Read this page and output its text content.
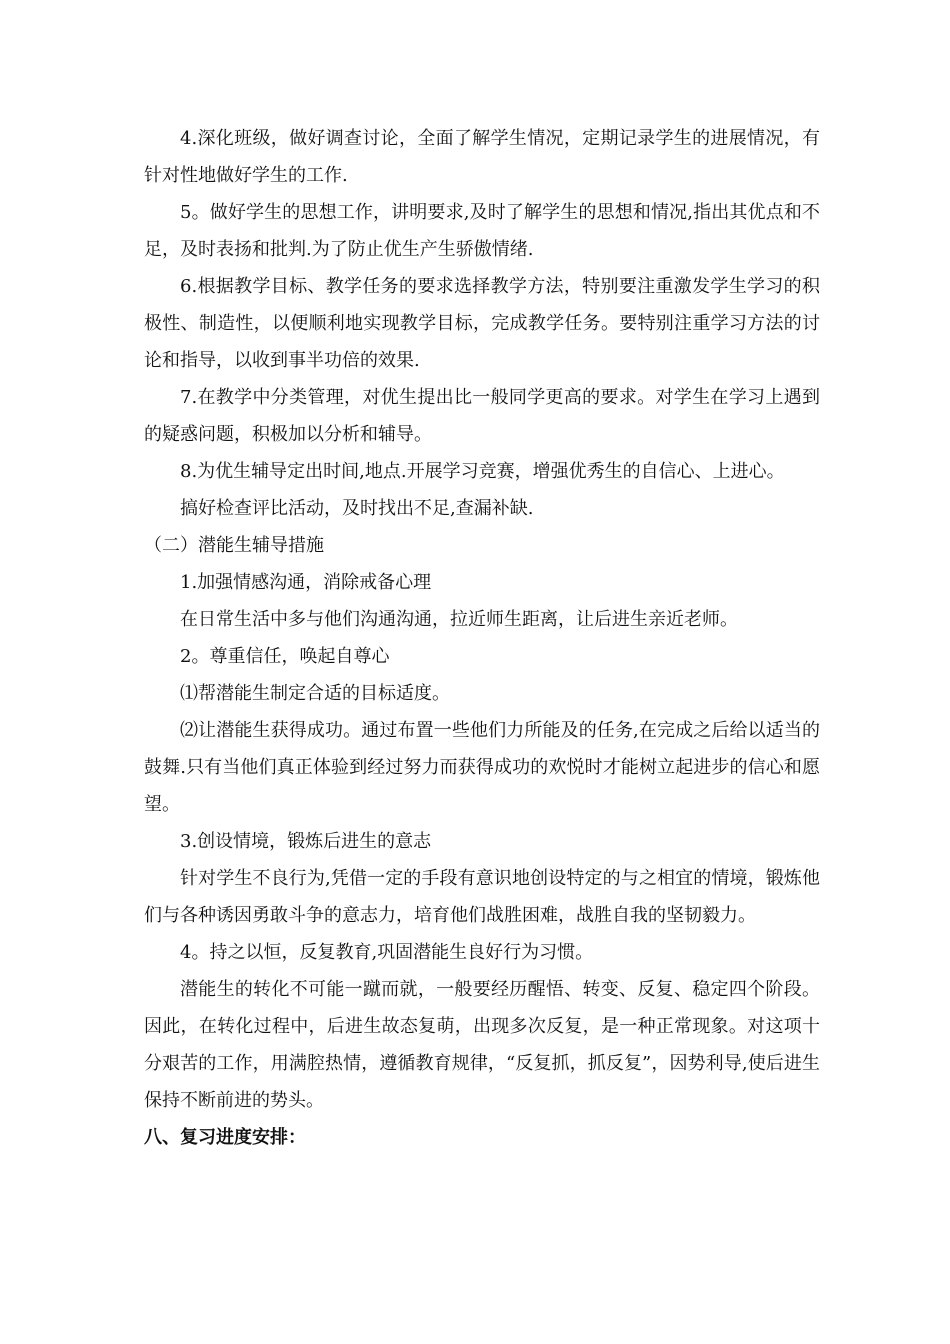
4.深化班级，做好调查讨论，全面了解学生情况，定期记录学生的进展情况，有针对性地做好学生的工作.

5。做好学生的思想工作，讲明要求,及时了解学生的思想和情况,指出其优点和不足，及时表扬和批判.为了防止优生产生骄傲情绪.

6.根据教学目标、教学任务的要求选择教学方法，特别要注重激发学生学习的积极性、制造性，以便顺利地实现教学目标，完成教学任务。要特别注重学习方法的讨论和指导，以收到事半功倍的效果.

7.在教学中分类管理，对优生提出比一般同学更高的要求。对学生在学习上遇到的疑惑问题，积极加以分析和辅导。

8.为优生辅导定出时间,地点.开展学习竞赛，增强优秀生的自信心、上进心。

搞好检查评比活动，及时找出不足,查漏补缺.

（二）潜能生辅导措施

1.加强情感沟通，消除戒备心理

在日常生活中多与他们沟通沟通，拉近师生距离，让后进生亲近老师。

2。尊重信任，唤起自尊心

⑴帮潜能生制定合适的目标适度。

⑵让潜能生获得成功。通过布置一些他们力所能及的任务,在完成之后给以适当的鼓舞.只有当他们真正体验到经过努力而获得成功的欢悦时才能树立起进步的信心和愿望。

3.创设情境，锻炼后进生的意志

针对学生不良行为,凭借一定的手段有意识地创设特定的与之相宜的情境，锻炼他们与各种诱因勇敢斗争的意志力，培育他们战胜困难，战胜自我的坚韧毅力。

4。持之以恒，反复教育,巩固潜能生良好行为习惯。

潜能生的转化不可能一蹴而就，一般要经历醒悟、转变、反复、稳定四个阶段。因此，在转化过程中，后进生故态复萌，出现多次反复，是一种正常现象。对这项十分艰苦的工作，用满腔热情，遵循教育规律，“反复抓，抓反复”，因势利导,使后进生保持不断前进的势头。

八、复习进度安排：
